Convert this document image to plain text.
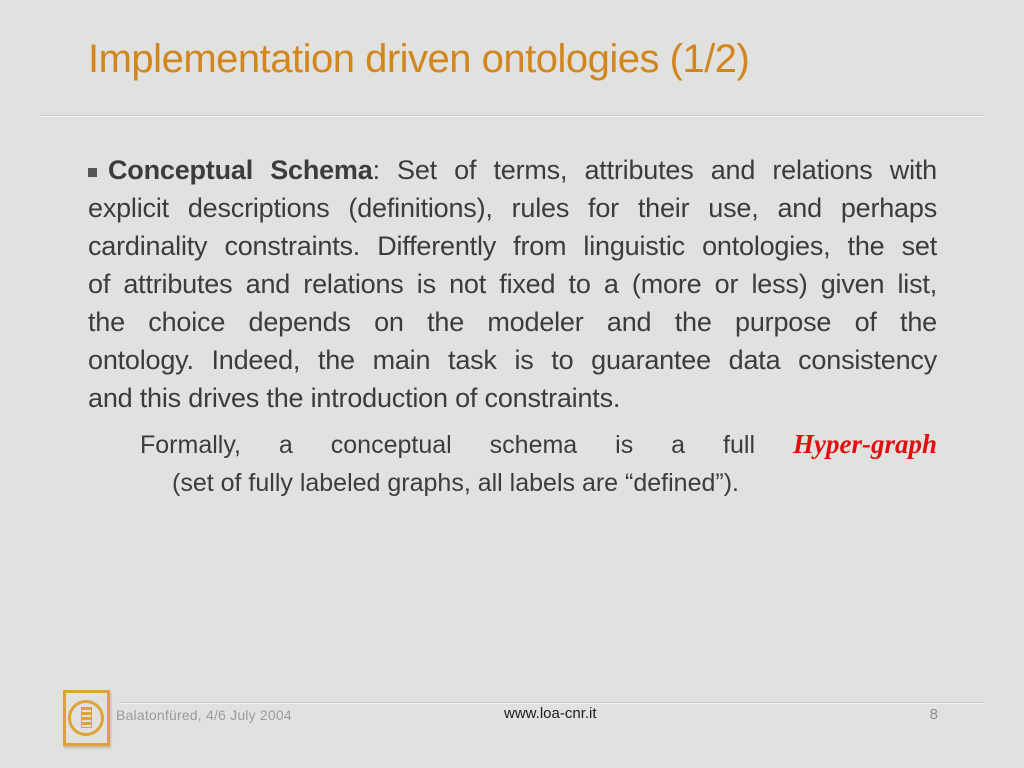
Implementation driven ontologies (1/2)
Conceptual Schema: Set of terms, attributes and relations with
explicit descriptions (definitions), rules for their use, and perhaps
cardinality constraints. Differently from linguistic ontologies, the set
of attributes and relations is not fixed to a (more or less) given list,
the choice depends on the modeler and the purpose of the
ontology. Indeed, the main task is to guarantee data consistency
and this drives the introduction of constraints.
Formally, a conceptual schema is a full Hyper-graph
(set of fully labeled graphs, all labels are “defined”).
Balatonfüred, 4/6 July 2004	www.loa-cnr.it	8
